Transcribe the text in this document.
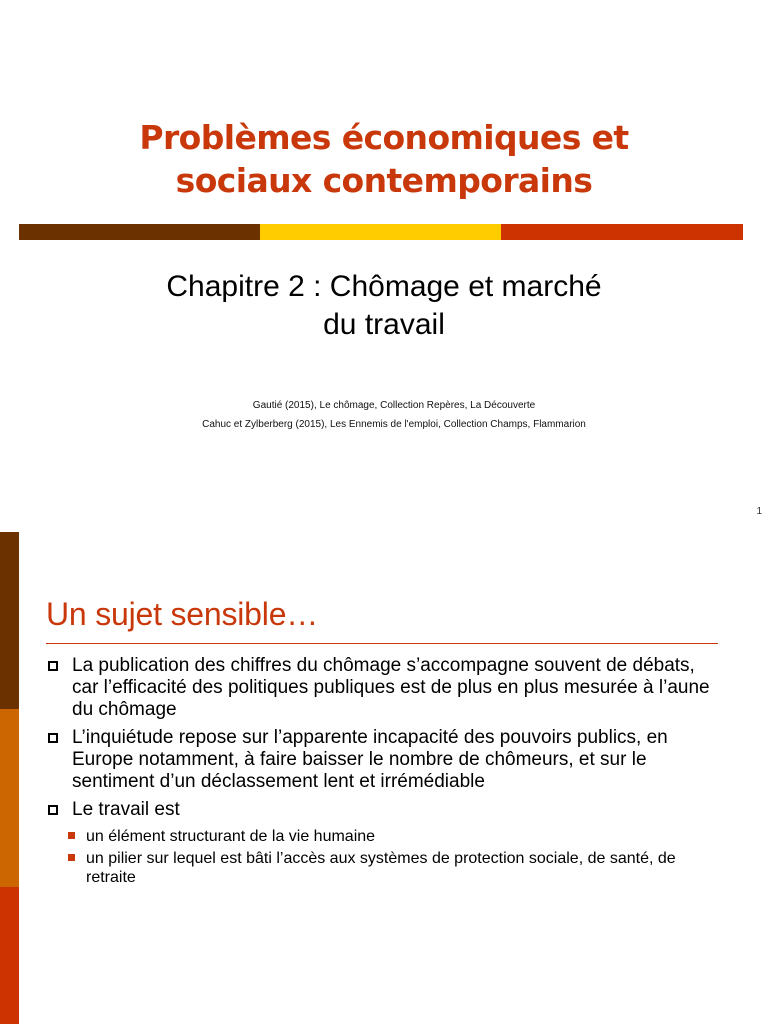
Problèmes économiques et
sociaux contemporains
Chapitre 2 : Chômage et marché
du travail
Gautié (2015), Le chômage, Collection Repères, La Découverte
Cahuc et Zylberberg (2015), Les Ennemis de l'emploi, Collection Champs, Flammarion
1
Un sujet sensible…
La publication des chiffres du chômage s’accompagne souvent de débats, car l’efficacité des politiques publiques est de plus en plus mesurée à l’aune du chômage
L’inquiétude repose sur l’apparente incapacité des pouvoirs publics, en Europe notamment, à faire baisser le nombre de chômeurs, et sur le sentiment d’un déclassement lent et irrémédiable
Le travail est
un élément structurant de la vie humaine
un pilier sur lequel est bâti l’accès aux systèmes de protection sociale, de santé, de retraite
